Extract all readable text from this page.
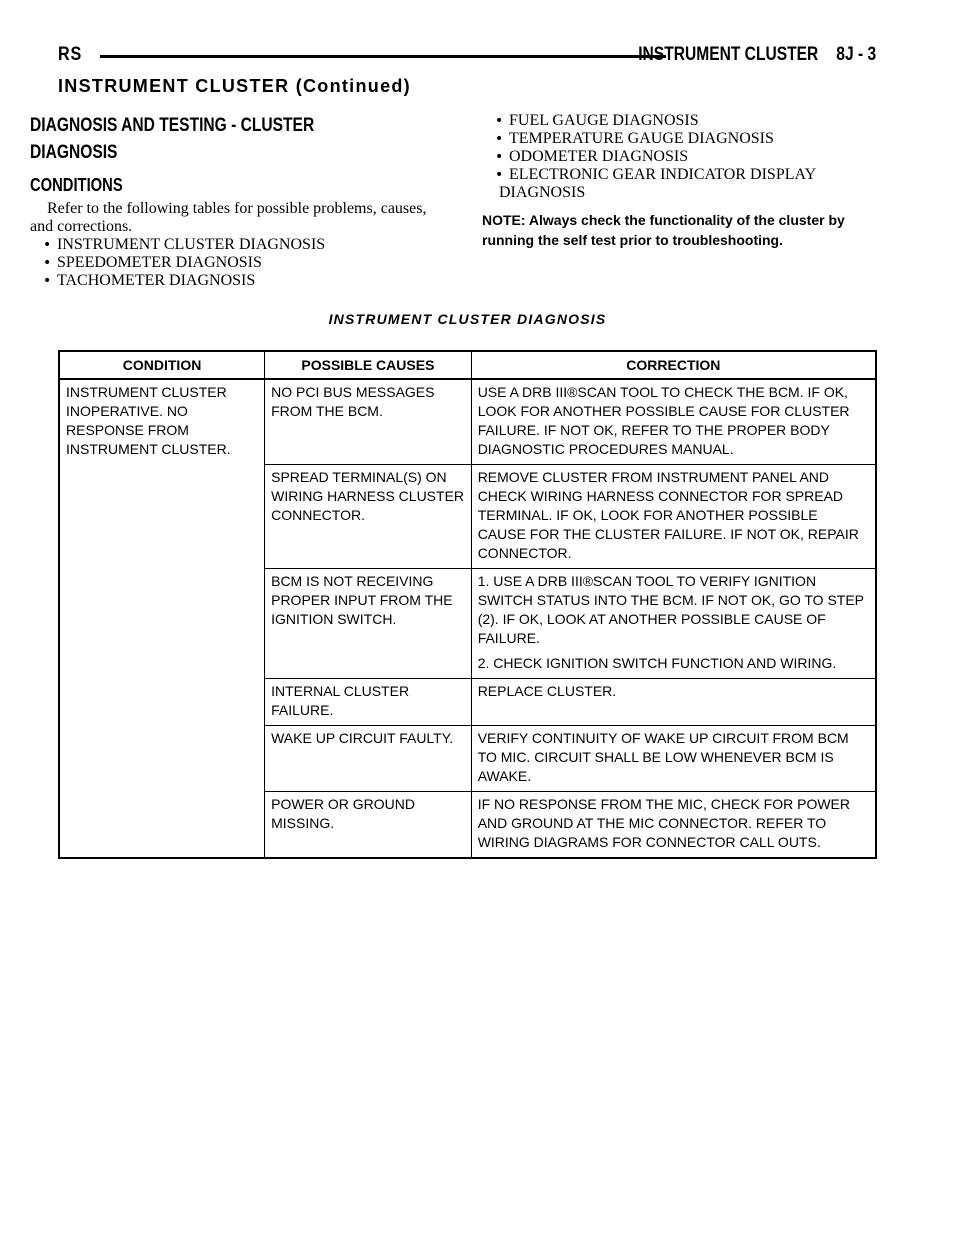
RS	INSTRUMENT CLUSTER 8J - 3
INSTRUMENT CLUSTER (Continued)
DIAGNOSIS AND TESTING - CLUSTER
DIAGNOSIS
CONDITIONS

Refer to the following tables for possible problems, causes, and corrections.

• INSTRUMENT CLUSTER DIAGNOSIS
• SPEEDOMETER DIAGNOSIS
• TACHOMETER DIAGNOSIS
• FUEL GAUGE DIAGNOSIS
• TEMPERATURE GAUGE DIAGNOSIS
• ODOMETER DIAGNOSIS
• ELECTRONIC GEAR INDICATOR DISPLAY DIAGNOSIS
NOTE: Always check the functionality of the cluster by running the self test prior to troubleshooting.
INSTRUMENT CLUSTER DIAGNOSIS
CONDITION	POSSIBLE CAUSES	CORRECTION
INSTRUMENT CLUSTER INOPERATIVE. NO RESPONSE FROM INSTRUMENT CLUSTER.	NO PCI BUS MESSAGES FROM THE BCM.	USE A DRB III®SCAN TOOL TO CHECK THE BCM. IF OK, LOOK FOR ANOTHER POSSIBLE CAUSE FOR CLUSTER FAILURE. IF NOT OK, REFER TO THE PROPER BODY DIAGNOSTIC PROCEDURES MANUAL.

	SPREAD TERMINAL(S) ON WIRING HARNESS CLUSTER CONNECTOR.	REMOVE CLUSTER FROM INSTRUMENT PANEL AND CHECK WIRING HARNESS CONNECTOR FOR SPREAD TERMINAL. IF OK, LOOK FOR ANOTHER POSSIBLE CAUSE FOR THE CLUSTER FAILURE. IF NOT OK, REPAIR CONNECTOR.

	BCM IS NOT RECEIVING PROPER INPUT FROM THE IGNITION SWITCH.	1. USE A DRB III®SCAN TOOL TO VERIFY IGNITION SWITCH STATUS INTO THE BCM. IF NOT OK, GO TO STEP (2). IF OK, LOOK AT ANOTHER POSSIBLE CAUSE OF FAILURE.
2. CHECK IGNITION SWITCH FUNCTION AND WIRING.

	INTERNAL CLUSTER FAILURE.	REPLACE CLUSTER.

	WAKE UP CIRCUIT FAULTY.	VERIFY CONTINUITY OF WAKE UP CIRCUIT FROM BCM TO MIC. CIRCUIT SHALL BE LOW WHENEVER BCM IS AWAKE.

	POWER OR GROUND MISSING.	IF NO RESPONSE FROM THE MIC, CHECK FOR POWER AND GROUND AT THE MIC CONNECTOR. REFER TO WIRING DIAGRAMS FOR CONNECTOR CALL OUTS.
